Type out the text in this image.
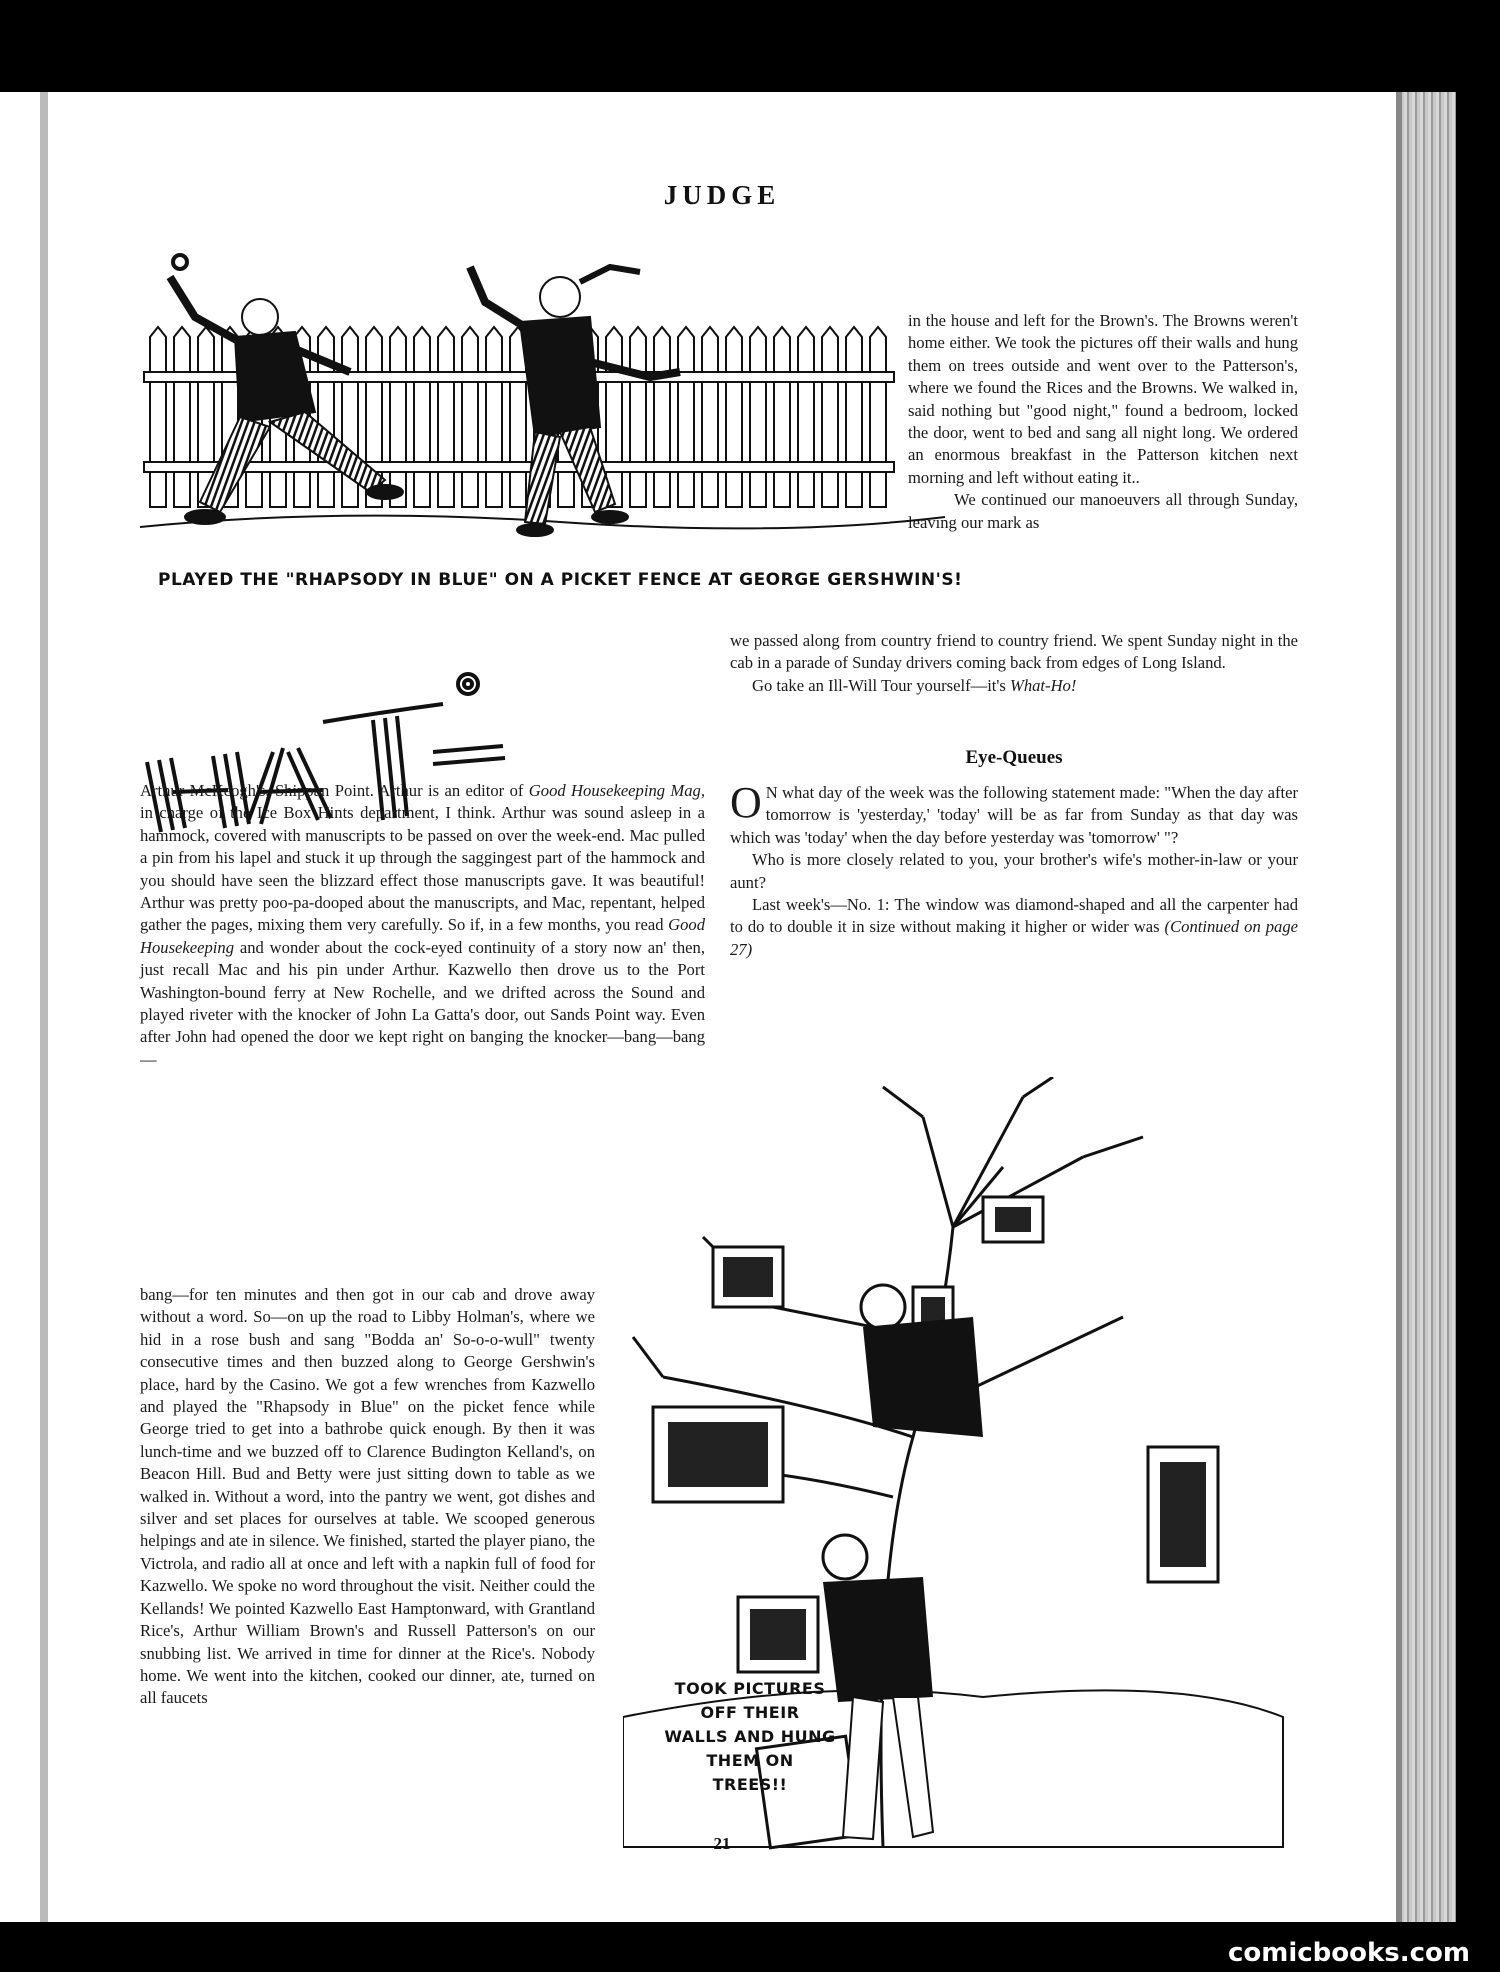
JUDGE
PLAYED THE "RHAPSODY IN BLUE" ON A PICKET FENCE AT GEORGE GERSHWIN'S!

in the house and left for the Brown's. The Browns weren't home either. We took the pictures off their walls and hung them on trees outside and went over to the Patterson's, where we found the Rices and the Browns. We walked in, said nothing but "good night," found a bedroom, locked the door, went to bed and sang all night long. We ordered an enormous breakfast in the Patterson kitchen next morning and left without eating it..

We continued our manoeuvers all through Sunday, leaving our mark as

we passed along from country friend to country friend. We spent Sunday night in the cab in a parade of Sunday drivers coming back from edges of Long Island.

Go take an Ill-Will Tour yourself—it's What-Ho!

Eye-Queues

O N what day of the week was the following statement made: "When the day after tomorrow is 'yesterday,' 'today' will be as far from Sunday as that day was which was 'today' when the day before yesterday was 'tomorrow' "?

Who is more closely related to you, your brother's wife's mother-in-law or your aunt?

Last week's—No. 1: The window was diamond-shaped and all the carpenter had to do to double it in size without making it higher or wider was (Continued on page 27)

Arthur McKeogh's, Shippan Point. Arthur is an editor of Good Housekeeping Mag, in charge of the Ice Box Hints department, I think. Arthur was sound asleep in a hammock, covered with manuscripts to be passed on over the week-end. Mac pulled a pin from his lapel and stuck it up through the saggingest part of the hammock and you should have seen the blizzard effect those manuscripts gave. It was beautiful! Arthur was pretty poo-pa-dooped about the manuscripts, and Mac, repentant, helped gather the pages, mixing them very carefully. So if, in a few months, you read Good Housekeeping and wonder about the cock-eyed continuity of a story now an' then, just recall Mac and his pin under Arthur. Kazwello then drove us to the Port Washington-bound ferry at New Rochelle, and we drifted across the Sound and played riveter with the knocker of John La Gatta's door, out Sands Point way. Even after John had opened the door we kept right on banging the knocker—bang—bang—

bang—for ten minutes and then got in our cab and drove away without a word. So—on up the road to Libby Holman's, where we hid in a rose bush and sang "Bodda an' So-o-o-wull" twenty consecutive times and then buzzed along to George Gershwin's place, hard by the Casino. We got a few wrenches from Kazwello and played the "Rhapsody in Blue" on the picket fence while George tried to get into a bathrobe quick enough. By then it was lunch-time and we buzzed off to Clarence Budington Kelland's, on Beacon Hill. Bud and Betty were just sitting down to table as we walked in. Without a word, into the pantry we went, got dishes and silver and set places for ourselves at table. We scooped generous helpings and ate in silence. We finished, started the player piano, the Victrola, and radio all at once and left with a napkin full of food for Kazwello. We spoke no word throughout the visit. Neither could the Kellands! We pointed Kazwello East Hamptonward, with Grantland Rice's, Arthur William Brown's and Russell Patterson's on our snubbing list. We arrived in time for dinner at the Rice's. Nobody home. We went into the kitchen, cooked our dinner, ate, turned on all faucets	TOOK PICTURES
OFF THEIR
WALLS AND HUNG
THEM ON
TREES!!
21
comicbooks.com
